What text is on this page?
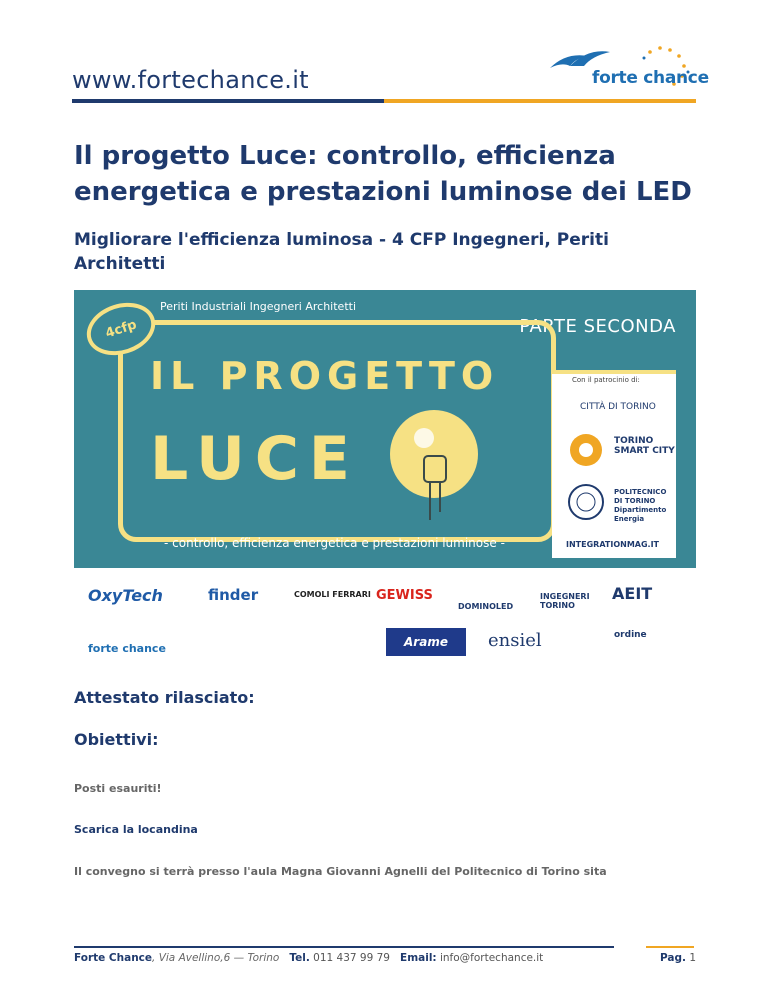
www.fortechance.it	forte chance
Il progetto Luce: controllo, efficienza energetica e prestazioni luminose dei LED
Migliorare l'efficienza luminosa - 4 CFP Ingegneri, Periti Architetti
Periti Industriali Ingegneri Architetti
PARTE SECONDA
4cfp
IL PROGETTO
LUCE
- controllo, efficienza energetica e prestazioni luminose -
Con il patrocinio di:
CITTÀ DI TORINO
TORINO SMART CITY
POLITECNICO DI TORINO Dipartimento Energia
INTEGRATIONMAG.IT
OxyTech	finder	COMOLI FERRARI GEWISS
DOMINOLED
INGEGNERI TORINO
AEIT
forte chance	Arame	ensiel	ordine
Attestato rilasciato:
Obiettivi:

Posti esauriti!

Scarica la locandina

Il convegno si terrà presso l'aula Magna Giovanni Agnelli del Politecnico di Torino sita

Forte Chance, Via Avellino,6 — Torino Tel. 011 437 99 79 Email: info@fortechance.it	Pag. 1
